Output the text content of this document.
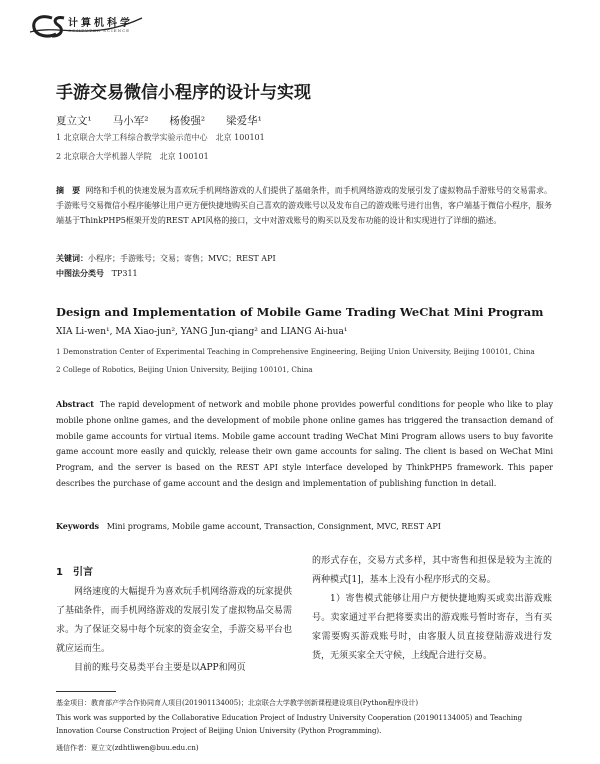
计算机科学
COMPUTER SCIENCE
手游交易微信小程序的设计与实现
夏立文¹　　马小军²　　杨俊强²　　梁爱华¹
1 北京联合大学工科综合教学实验示范中心　北京 100101
2 北京联合大学机器人学院　北京 100101
摘　要 网络和手机的快速发展为喜欢玩手机网络游戏的人们提供了基础条件，而手机网络游戏的发展引发了虚拟物品手游账号的交易需求。手游账号交易微信小程序能够让用户更方便快捷地购买自己喜欢的游戏账号以及发布自己的游戏账号进行出售，客户端基于微信小程序，服务端基于ThinkPHP5框架开发的REST API风格的接口，文中对游戏账号的购买以及发布功能的设计和实现进行了详细的描述。
关键词：小程序；手游账号；交易；寄售；MVC；REST API
中图法分类号 TP311
Design and Implementation of Mobile Game Trading WeChat Mini Program
XIA Li-wen¹, MA Xiao-jun², YANG Jun-qiang² and LIANG Ai-hua¹
1 Demonstration Center of Experimental Teaching in Comprehensive Engineering, Beijing Union University, Beijing 100101, China
2 College of Robotics, Beijing Union University, Beijing 100101, China
Abstract The rapid development of network and mobile phone provides powerful conditions for people who like to play mobile phone online games, and the development of mobile phone online games has triggered the transaction demand of mobile game accounts for virtual items. Mobile game account trading WeChat Mini Program allows users to buy favorite game account more easily and quickly, release their own game accounts for saling. The client is based on WeChat Mini Program, and the server is based on the REST API style interface developed by ThinkPHP5 framework. This paper describes the purchase of game account and the design and implementation of publishing function in detail.
Keywords Mini programs, Mobile game account, Transaction, Consignment, MVC, REST API
1　引言

网络速度的大幅提升为喜欢玩手机网络游戏的玩家提供了基础条件，而手机网络游戏的发展引发了虚拟物品交易需求。为了保证交易中每个玩家的资金安全，手游交易平台也就应运而生。

目前的账号交易类平台主要是以APP和网页

的形式存在，交易方式多样，其中寄售和担保是较为主流的两种模式[1]，基本上没有小程序形式的交易。

1）寄售模式能够让用户方便快捷地购买或卖出游戏账号。卖家通过平台把将要卖出的游戏账号暂时寄存，当有买家需要购买游戏账号时，由客服人员直接登陆游戏进行发货，无须买家全天守候，上线配合进行交易。

基金项目：教育部产学合作协同育人项目(201901134005)；北京联合大学教学创新课程建设项目(Python程序设计)
This work was supported by the Collaborative Education Project of Industry University Cooperation (201901134005) and Teaching Innovation Course Construction Project of Beijing Union University (Python Programming).
通信作者：夏立文(zdhtliwen@buu.edu.cn)
